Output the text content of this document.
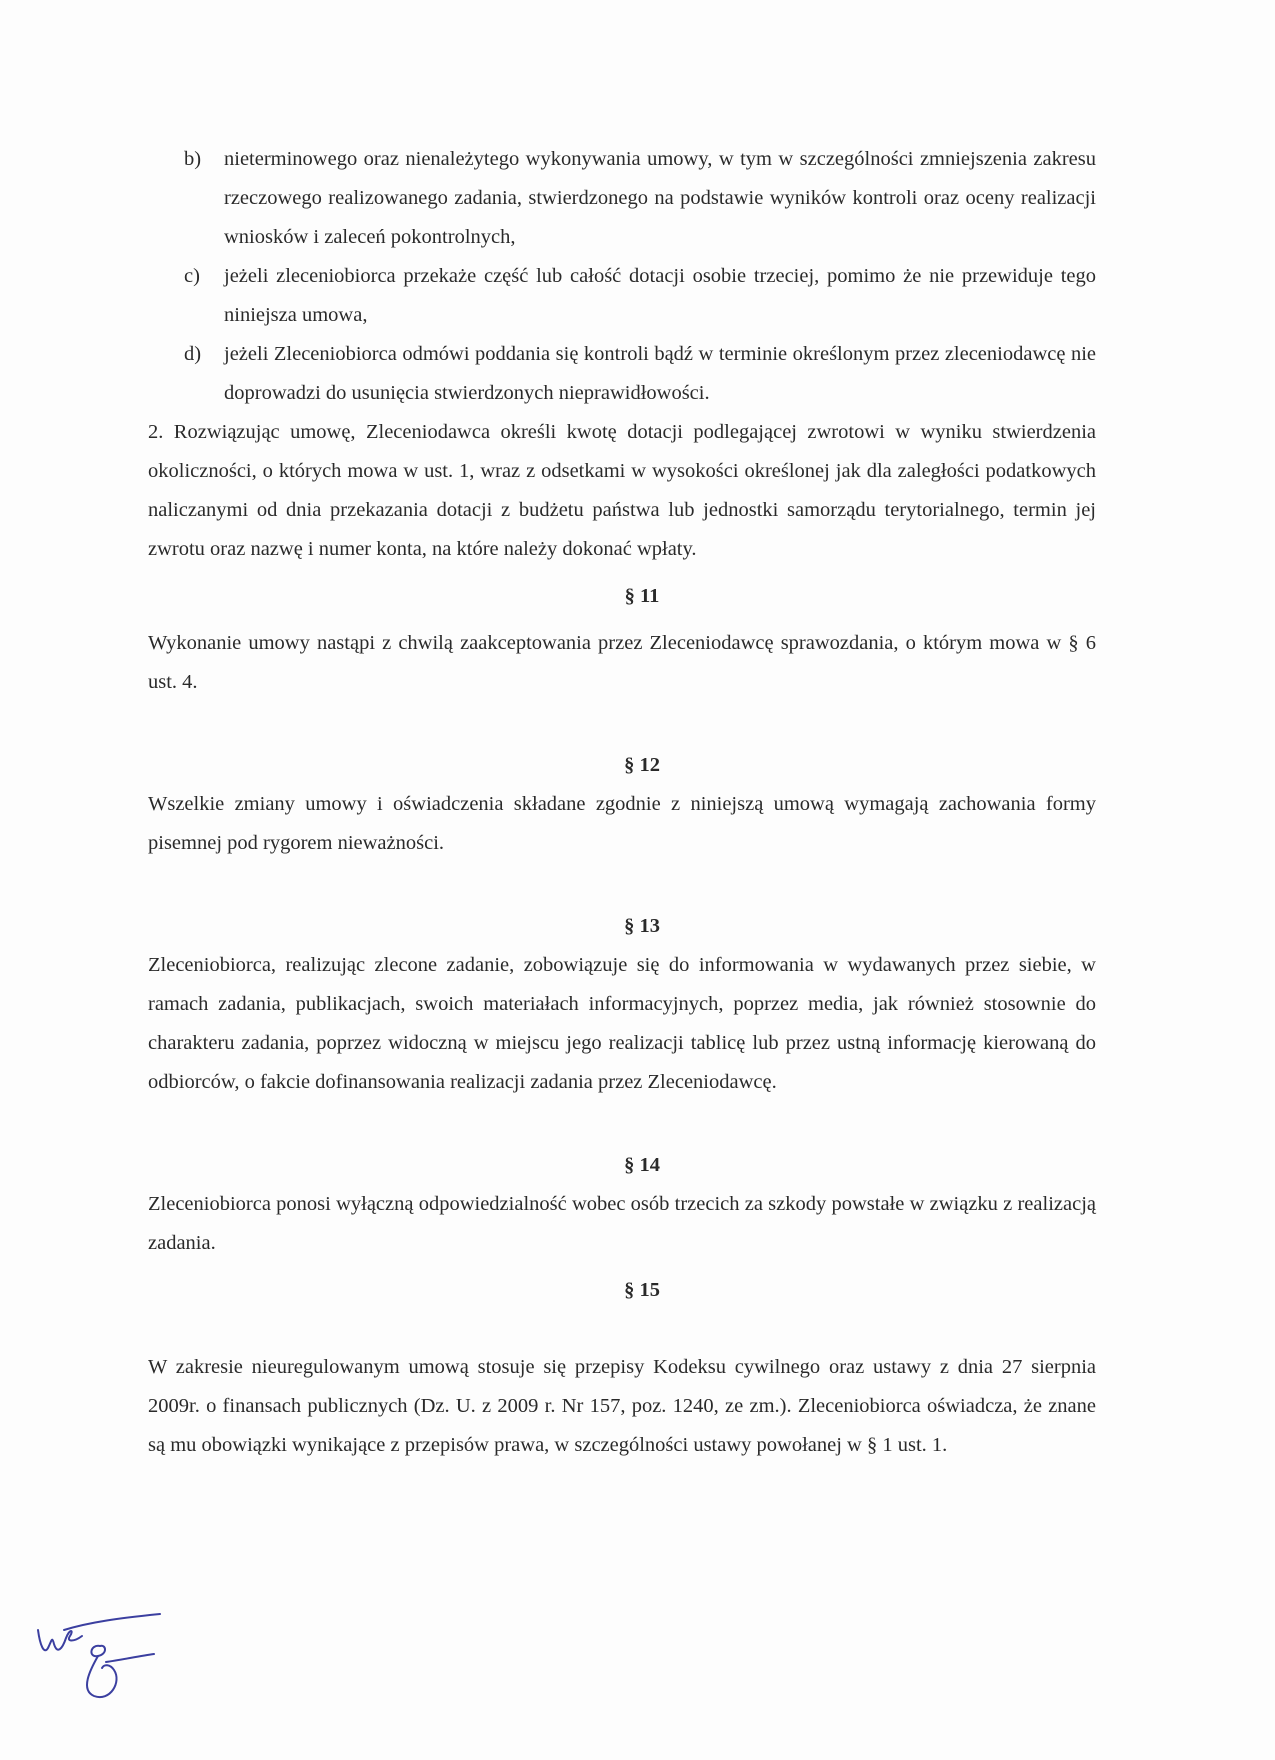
b) nieterminowego oraz nienależytego wykonywania umowy, w tym w szczególności zmniejszenia zakresu rzeczowego realizowanego zadania, stwierdzonego na podstawie wyników kontroli oraz oceny realizacji wniosków i zaleceń pokontrolnych,

c) jeżeli zleceniobiorca przekaże część lub całość dotacji osobie trzeciej, pomimo że nie przewiduje tego niniejsza umowa,

d) jeżeli Zleceniobiorca odmówi poddania się kontroli bądź w terminie określonym przez zleceniodawcę nie doprowadzi do usunięcia stwierdzonych nieprawidłowości.

2. Rozwiązując umowę, Zleceniodawca określi kwotę dotacji podlegającej zwrotowi w wyniku stwierdzenia okoliczności, o których mowa w ust. 1, wraz z odsetkami w wysokości określonej jak dla zaległości podatkowych naliczanymi od dnia przekazania dotacji z budżetu państwa lub jednostki samorządu terytorialnego, termin jej zwrotu oraz nazwę i numer konta, na które należy dokonać wpłaty.

§ 11

Wykonanie umowy nastąpi z chwilą zaakceptowania przez Zleceniodawcę sprawozdania, o którym mowa w § 6 ust. 4.

§ 12

Wszelkie zmiany umowy i oświadczenia składane zgodnie z niniejszą umową wymagają zachowania formy pisemnej pod rygorem nieważności.

§ 13

Zleceniobiorca, realizując zlecone zadanie, zobowiązuje się do informowania w wydawanych przez siebie, w ramach zadania, publikacjach, swoich materiałach informacyjnych, poprzez media, jak również stosownie do charakteru zadania, poprzez widoczną w miejscu jego realizacji tablicę lub przez ustną informację kierowaną do odbiorców, o fakcie dofinansowania realizacji zadania przez Zleceniodawcę.

§ 14

Zleceniobiorca ponosi wyłączną odpowiedzialność wobec osób trzecich za szkody powstałe w związku z realizacją zadania.

§ 15

W zakresie nieuregulowanym umową stosuje się przepisy Kodeksu cywilnego oraz ustawy z dnia 27 sierpnia 2009r. o finansach publicznych (Dz. U. z 2009 r. Nr 157, poz. 1240, ze zm.). Zleceniobiorca oświadcza, że znane są mu obowiązki wynikające z przepisów prawa, w szczególności ustawy powołanej w § 1 ust. 1.
